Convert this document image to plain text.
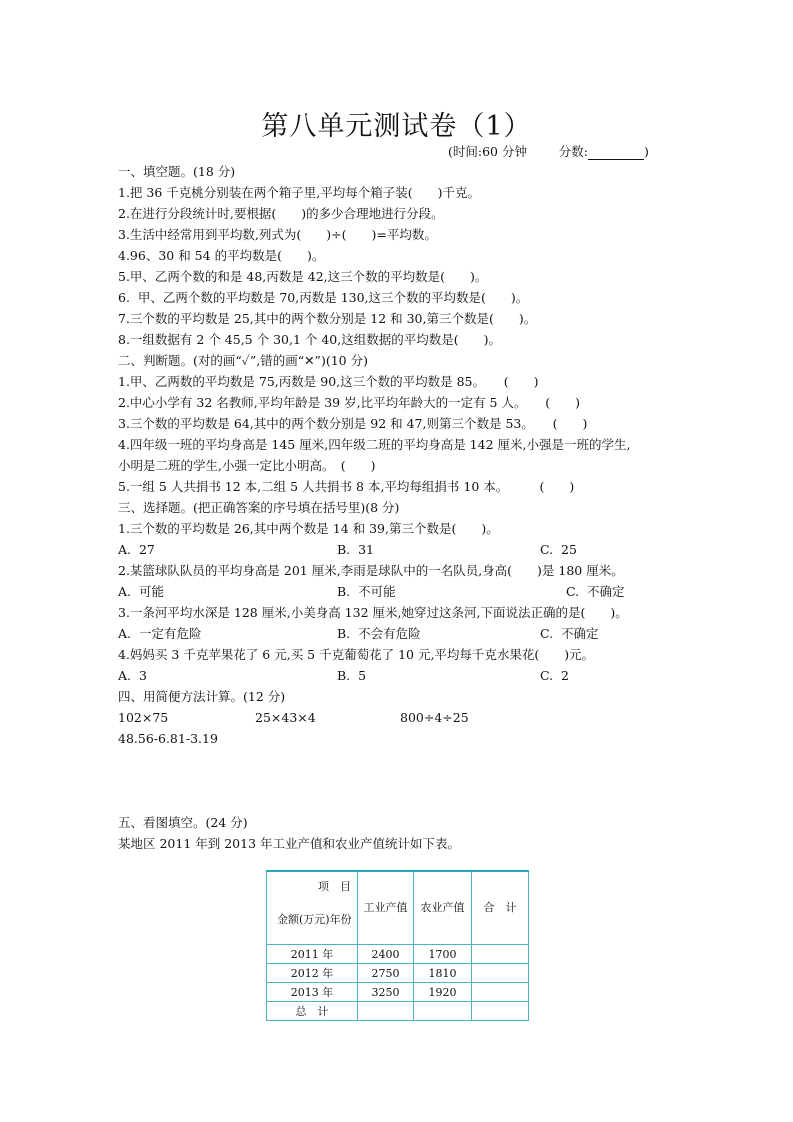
第八单元测试卷（1）
(时间:60 分钟	分数:	)
一、填空题。(18 分)
1.把 36 千克桃分别装在两个箱子里,平均每个箱子装(　　)千克。
2.在进行分段统计时,要根据(　　)的多少合理地进行分段。
3.生活中经常用到平均数,列式为(　　)÷(　　)=平均数。
4.96、30 和 54 的平均数是(　　)。
5.甲、乙两个数的和是 48,丙数是 42,这三个数的平均数是(　　)。
6.  甲、乙两个数的平均数是 70,丙数是 130,这三个数的平均数是(　　)。
7.三个数的平均数是 25,其中的两个数分别是 12 和 30,第三个数是(　　)。
8.一组数据有 2 个 45,5 个 30,1 个 40,这组数据的平均数是(　　)。
二、判断题。(对的画“✓”,错的画“✕”)(10 分)
1.甲、乙两数的平均数是 75,丙数是 90,这三个数的平均数是 85。　　(　　)
2.中心小学有 32 名教师,平均年龄是 39 岁,比平均年龄大的一定有 5 人。　　(　　)
3.三个数的平均数是 64,其中的两个数分别是 92 和 47,则第三个数是 53。　　(　　)
4.四年级一班的平均身高是 145 厘米,四年级二班的平均身高是 142 厘米,小强是一班的学生,
小明是二班的学生,小强一定比小明高。　(　　)
5.一组 5 人共捐书 12 本,二组 5 人共捐书 8 本,平均每组捐书 10 本。　　　(　　)
三、选择题。(把正确答案的序号填在括号里)(8 分)
1.三个数的平均数是 26,其中两个数是 14 和 39,第三个数是(　　)。
A.  27	B.  31	C.  25
2.某篮球队队员的平均身高是 201 厘米,李雨是球队中的一名队员,身高(　　)是 180 厘米。
A.  可能	B.  不可能	C.  不确定
3.一条河平均水深是 128 厘米,小美身高 132 厘米,她穿过这条河,下面说法正确的是(　　)。
A.  一定有危险	B.  不会有危险	C.  不确定
4.妈妈买 3 千克苹果花了 6 元,买 5 千克葡萄花了 10 元,平均每千克水果花(　　)元。
A.  3	B.  5	C.  2
四、用简便方法计算。(12 分)
102×75	25×43×4	800÷4÷25
48.56-6.81-3.19
五、看图填空。(24 分)
某地区 2011 年到 2013 年工业产值和农业产值统计如下表。
项　目
金额(万元)年份	工业产值	农业产值	合　计
2011 年	2400	1700	
2012 年	2750	1810	
2013 年	3250	1920	
总　计			
